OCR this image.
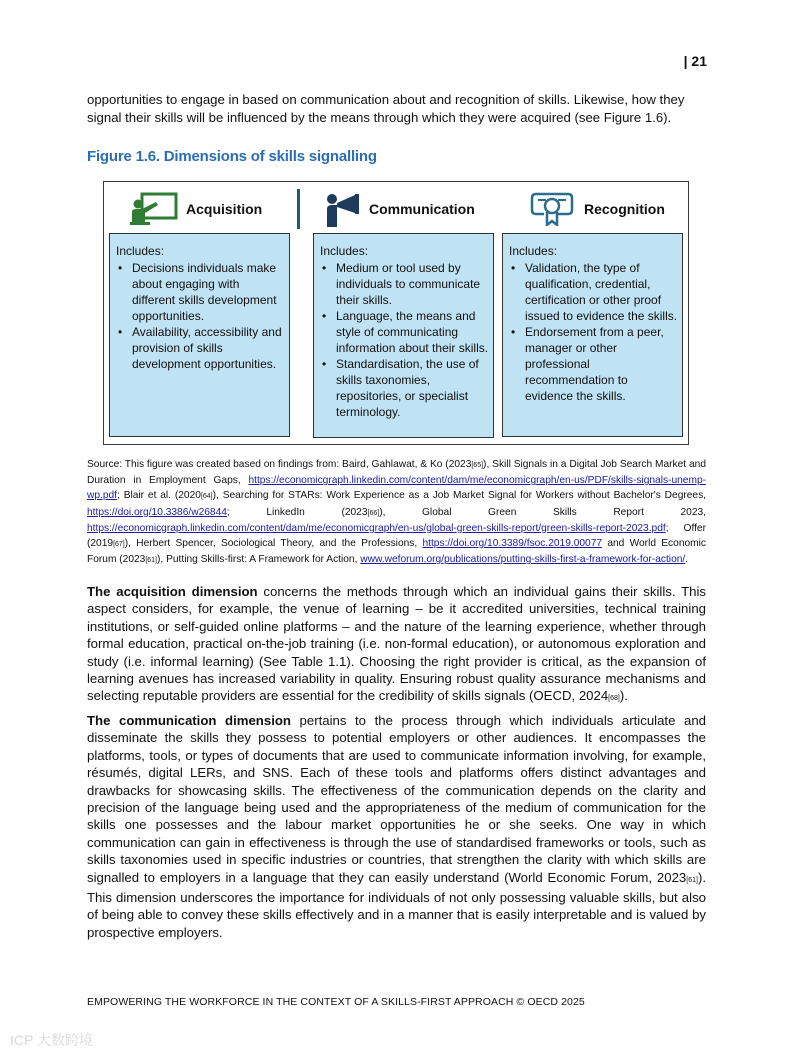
| 21

opportunities to engage in based on communication about and recognition of skills. Likewise, how they signal their skills will be influenced by the means through which they were acquired (see Figure 1.6).

Figure 1.6. Dimensions of skills signalling
Acquisition	Communication	Recognition
Includes:
• Decisions individuals make about engaging with different skills development opportunities.
• Availability, accessibility and provision of skills development opportunities.
Includes:
• Medium or tool used by individuals to communicate their skills.
• Language, the means and style of communicating information about their skills.
• Standardisation, the use of skills taxonomies, repositories, or specialist terminology.
Includes:
• Validation, the type of qualification, credential, certification or other proof issued to evidence the skills.
• Endorsement from a peer, manager or other professional recommendation to evidence the skills.

Source: This figure was created based on findings from: Baird, Gahlawat, & Ko (2023[65]), Skill Signals in a Digital Job Search Market and Duration in Employment Gaps, https://economicgraph.linkedin.com/content/dam/me/economicgraph/en-us/PDF/skills-signals-unemp-wp.pdf; Blair et al. (2020[64]), Searching for STARs: Work Experience as a Job Market Signal for Workers without Bachelor's Degrees, https://doi.org/10.3386/w26844; LinkedIn (2023[66]), Global Green Skills Report 2023, https://economicgraph.linkedin.com/content/dam/me/economicgraph/en-us/global-green-skills-report/green-skills-report-2023.pdf; Offer (2019[67]), Herbert Spencer, Sociological Theory, and the Professions, https://doi.org/10.3389/fsoc.2019.00077 and World Economic Forum (2023[61]), Putting Skills-first: A Framework for Action, www.weforum.org/publications/putting-skills-first-a-framework-for-action/.

The acquisition dimension concerns the methods through which an individual gains their skills. This aspect considers, for example, the venue of learning – be it accredited universities, technical training institutions, or self-guided online platforms – and the nature of the learning experience, whether through formal education, practical on-the-job training (i.e. non-formal education), or autonomous exploration and study (i.e. informal learning) (See Table 1.1). Choosing the right provider is critical, as the expansion of learning avenues has increased variability in quality. Ensuring robust quality assurance mechanisms and selecting reputable providers are essential for the credibility of skills signals (OECD, 2024[68]).

The communication dimension pertains to the process through which individuals articulate and disseminate the skills they possess to potential employers or other audiences. It encompasses the platforms, tools, or types of documents that are used to communicate information involving, for example, résumés, digital LERs, and SNS. Each of these tools and platforms offers distinct advantages and drawbacks for showcasing skills. The effectiveness of the communication depends on the clarity and precision of the language being used and the appropriateness of the medium of communication for the skills one possesses and the labour market opportunities he or she seeks. One way in which communication can gain in effectiveness is through the use of standardised frameworks or tools, such as skills taxonomies used in specific industries or countries, that strengthen the clarity with which skills are signalled to employers in a language that they can easily understand (World Economic Forum, 2023[61]). This dimension underscores the importance for individuals of not only possessing valuable skills, but also of being able to convey these skills effectively and in a manner that is easily interpretable and is valued by prospective employers.

EMPOWERING THE WORKFORCE IN THE CONTEXT OF A SKILLS-FIRST APPROACH © OECD 2025
ICP 大数跨境
